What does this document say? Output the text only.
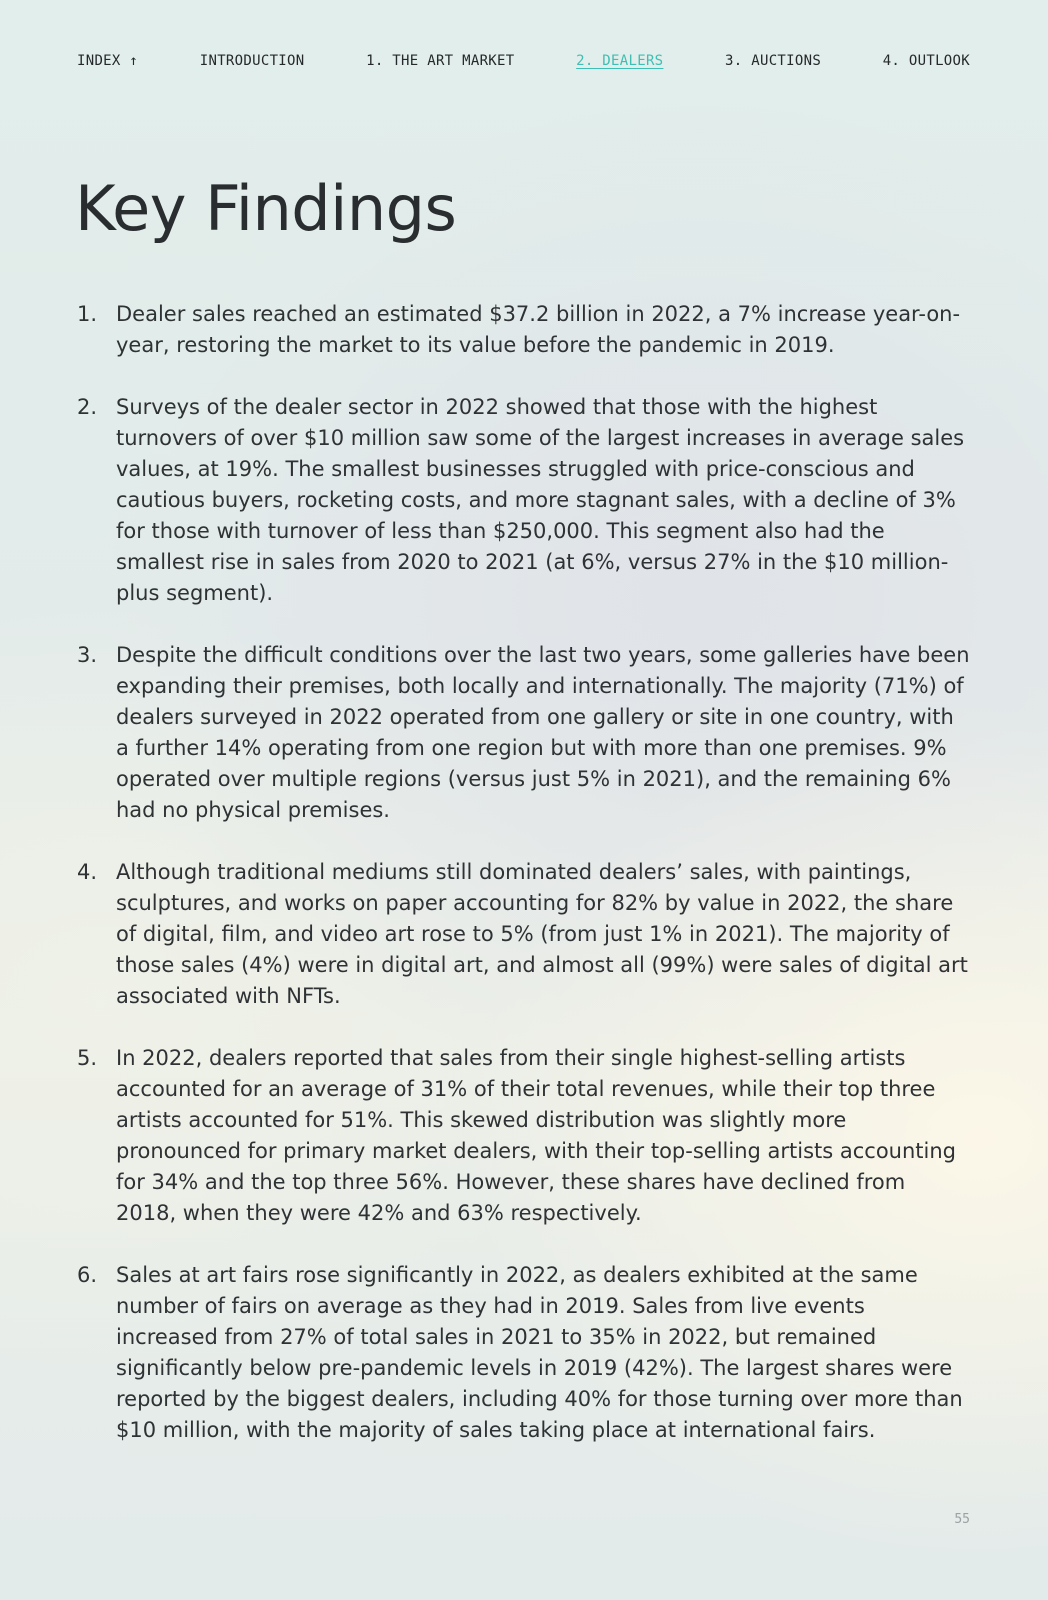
INDEX ↑	INTRODUCTION	1. THE ART MARKET	2. DEALERS	3. AUCTIONS	4. OUTLOOK
Key Findings
1. Dealer sales reached an estimated $37.2 billion in 2022, a 7% increase year-on-year, restoring the market to its value before the pandemic in 2019.
2. Surveys of the dealer sector in 2022 showed that those with the highest turnovers of over $10 million saw some of the largest increases in average sales values, at 19%. The smallest businesses struggled with price-conscious and cautious buyers, rocketing costs, and more stagnant sales, with a decline of 3% for those with turnover of less than $250,000. This segment also had the smallest rise in sales from 2020 to 2021 (at 6%, versus 27% in the $10 million-plus segment).
3. Despite the difficult conditions over the last two years, some galleries have been expanding their premises, both locally and internationally. The majority (71%) of dealers surveyed in 2022 operated from one gallery or site in one country, with a further 14% operating from one region but with more than one premises. 9% operated over multiple regions (versus just 5% in 2021), and the remaining 6% had no physical premises.
4. Although traditional mediums still dominated dealers’ sales, with paintings, sculptures, and works on paper accounting for 82% by value in 2022, the share of digital, film, and video art rose to 5% (from just 1% in 2021). The majority of those sales (4%) were in digital art, and almost all (99%) were sales of digital art associated with NFTs.
5. In 2022, dealers reported that sales from their single highest-selling artists accounted for an average of 31% of their total revenues, while their top three artists accounted for 51%. This skewed distribution was slightly more pronounced for primary market dealers, with their top-selling artists accounting for 34% and the top three 56%. However, these shares have declined from 2018, when they were 42% and 63% respectively.
6. Sales at art fairs rose significantly in 2022, as dealers exhibited at the same number of fairs on average as they had in 2019. Sales from live events increased from 27% of total sales in 2021 to 35% in 2022, but remained significantly below pre-pandemic levels in 2019 (42%). The largest shares were reported by the biggest dealers, including 40% for those turning over more than $10 million, with the majority of sales taking place at international fairs.
55
